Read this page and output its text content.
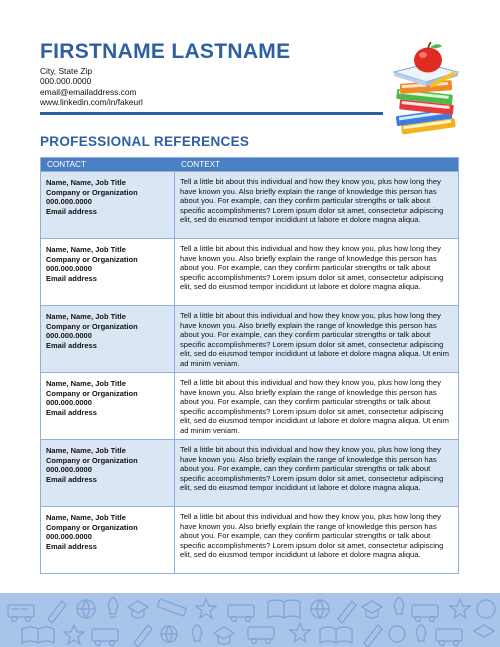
FIRSTNAME LASTNAME
City, State Zip
000.000.0000
email@emailaddress.com
www.linkedin.com/in/fakeurl
PROFESSIONAL REFERENCES
CONTACT	CONTEXT
Name, Name, Job Title
Company or Organization
000.000.0000
Email address
Tell a little bit about this individual and how they know you, plus how long they have known you. Also briefly explain the range of knowledge this person has about you. For example, can they confirm particular strengths or talk about specific accomplishments? Lorem ipsum dolor sit amet, consectetur adipiscing elit, sed do eiusmod tempor incididunt ut labore et dolore magna aliqua.
Name, Name, Job Title
Company or Organization
000.000.0000
Email address
Tell a little bit about this individual and how they know you, plus how long they have known you. Also briefly explain the range of knowledge this person has about you. For example, can they confirm particular strengths or talk about specific accomplishments? Lorem ipsum dolor sit amet, consectetur adipiscing elit, sed do eiusmod tempor incididunt ut labore et dolore magna aliqua.
Name, Name, Job Title
Company or Organization
000.000.0000
Email address
Tell a little bit about this individual and how they know you, plus how long they have known you. Also briefly explain the range of knowledge this person has about you. For example, can they confirm particular strengths or talk about specific accomplishments? Lorem ipsum dolor sit amet, consectetur adipiscing elit, sed do eiusmod tempor incididunt ut labore et dolore magna aliqua. Ut enim ad minim veniam.
Name, Name, Job Title
Company or Organization
000.000.0000
Email address
Tell a little bit about this individual and how they know you, plus how long they have known you. Also briefly explain the range of knowledge this person has about you. For example, can they confirm particular strengths or talk about specific accomplishments? Lorem ipsum dolor sit amet, consectetur adipiscing elit, sed do eiusmod tempor incididunt ut labore et dolore magna aliqua. Ut enim ad minim veniam.
Name, Name, Job Title
Company or Organization
000.000.0000
Email address
Tell a little bit about this individual and how they know you, plus how long they have known you. Also briefly explain the range of knowledge this person has about you. For example, can they confirm particular strengths or talk about specific accomplishments? Lorem ipsum dolor sit amet, consectetur adipiscing elit, sed do eiusmod tempor incididunt ut labore et dolore magna aliqua.
Name, Name, Job Title
Company or Organization
000.000.0000
Email address
Tell a little bit about this individual and how they know you, plus how long they have known you. Also briefly explain the range of knowledge this person has about you. For example, can they confirm particular strengths or talk about specific accomplishments? Lorem ipsum dolor sit amet, consectetur adipiscing elit, sed do eiusmod tempor incididunt ut labore et dolore magna aliqua.
